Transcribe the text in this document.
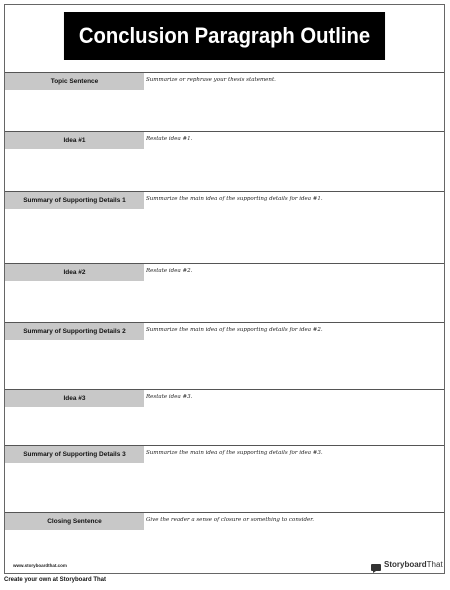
Conclusion Paragraph Outline
Topic Sentence	Summarize or rephrase your thesis statement.
Idea #1	Restate idea #1.
Summary of Supporting Details 1	Summarize the main idea of the supporting details for idea #1.
Idea #2	Restate idea #2.
Summary of Supporting Details 2	Summarize the main idea of the supporting details for idea #2.
Idea #3	Restate idea #3.
Summary of Supporting Details 3	Summarize the main idea of the supporting details for idea #3.
Closing Sentence	Give the reader a sense of closure or something to consider.
www.storyboardthat.com	StoryboardThat
Create your own at Storyboard That
